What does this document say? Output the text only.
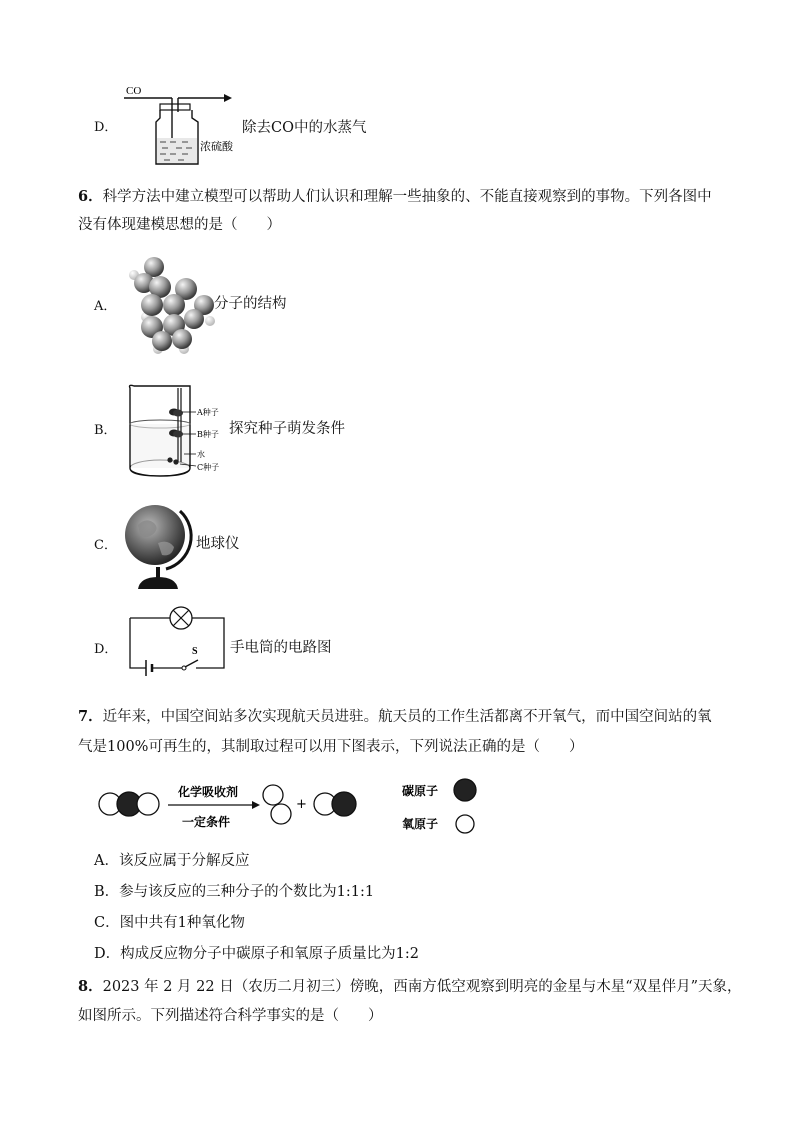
D．
CO
浓硫酸
除去CO中的水蒸气
6．科学方法中建立模型可以帮助人们认识和理解一些抽象的、不能直接观察到的事物。下列各图中
没有体现建模思想的是（　　）
A．	分子的结构
B．
A种子
B种子
水
C种子
探究种子萌发条件
C．	地球仪
D．	S 手电筒的电路图
7．近年来，中国空间站多次实现航天员进驻。航天员的工作生活都离不开氧气，而中国空间站的氧
气是100%可再生的，其制取过程可以用下图表示，下列说法正确的是（　　）
化学吸收剂
一定条件
+
碳原子
氧原子
A．该反应属于分解反应
B．参与该反应的三种分子的个数比为1:1:1
C．图中共有1种氧化物
D．构成反应物分子中碳原子和氧原子质量比为1:2
8．2023 年 2 月 22 日（农历二月初三）傍晚，西南方低空观察到明亮的金星与木星“双星伴月”天象，
如图所示。下列描述符合科学事实的是（　　）
